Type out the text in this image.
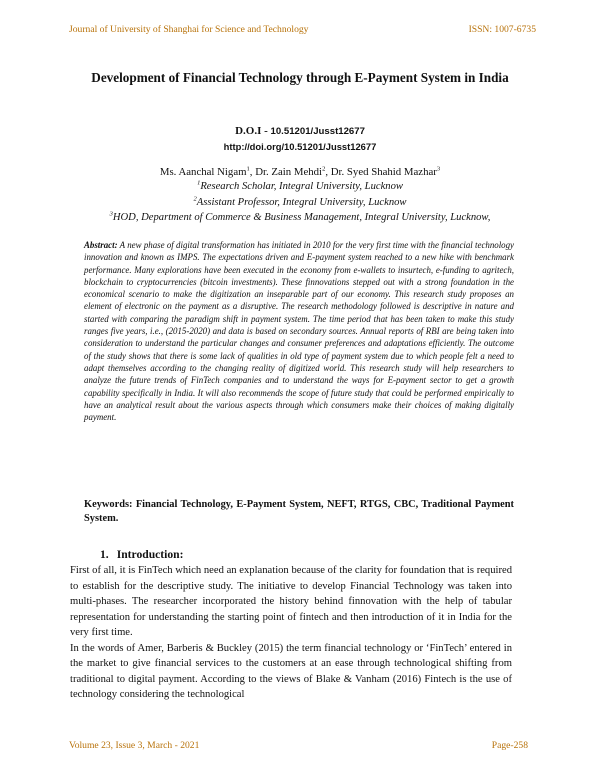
Journal of University of Shanghai for Science and Technology	ISSN: 1007-6735
Development of Financial Technology through E-Payment System in India
D.O.I - 10.51201/Jusst12677
http://doi.org/10.51201/Jusst12677
Ms. Aanchal Nigam$^1$, Dr. Zain Mehdi$^2$, Dr. Syed Shahid Mazhar$^3$
$^1$Research Scholar, Integral University, Lucknow
$^2$Assistant Professor, Integral University, Lucknow
$^3$HOD, Department of Commerce & Business Management, Integral University, Lucknow,
Abstract: A new phase of digital transformation has initiated in 2010 for the very first time with the financial technology innovation and known as IMPS. The expectations driven and E-payment system reached to a new hike with benchmark performance. Many explorations have been executed in the economy from e-wallets to insurtech, e-funding to agritech, blockchain to cryptocurrencies (bitcoin investments). These finnovations stepped out with a strong foundation in the economical scenario to make the digitization an inseparable part of our economy. This research study proposes an element of electronic on the payment as a disruptive. The research methodology followed is descriptive in nature and started with comparing the paradigm shift in payment system. The time period that has been taken to make this study ranges five years, i.e., (2015-2020) and data is based on secondary sources. Annual reports of RBI are being taken into consideration to understand the particular changes and consumer preferences and adaptations efficiently. The outcome of the study shows that there is some lack of qualities in old type of payment system due to which people felt a need to adapt themselves according to the changing reality of digitized world. This research study will help researchers to analyze the future trends of FinTech companies and to understand the ways for E-payment sector to get a growth capability specifically in India. It will also recommends the scope of future study that could be performed empirically to have an analytical result about the various aspects through which consumers make their choices of making digitally payment.
Keywords: Financial Technology, E-Payment System, NEFT, RTGS, CBC, Traditional Payment System.
1. Introduction:

First of all, it is FinTech which need an explanation because of the clarity for foundation that is required to establish for the descriptive study. The initiative to develop Financial Technology was taken into multi-phases. The researcher incorporated the history behind finnovation with the help of tabular representation for understanding the starting point of fintech and then introduction of it in India for the very first time.

In the words of Amer, Barberis & Buckley (2015) the term financial technology or ‘FinTech’ entered in the market to give financial services to the customers at an ease through technological shifting from traditional to digital payment. According to the views of Blake & Vanham (2016) Fintech is the use of technology considering the technological

Volume 23, Issue 3, March - 2021	Page-258
